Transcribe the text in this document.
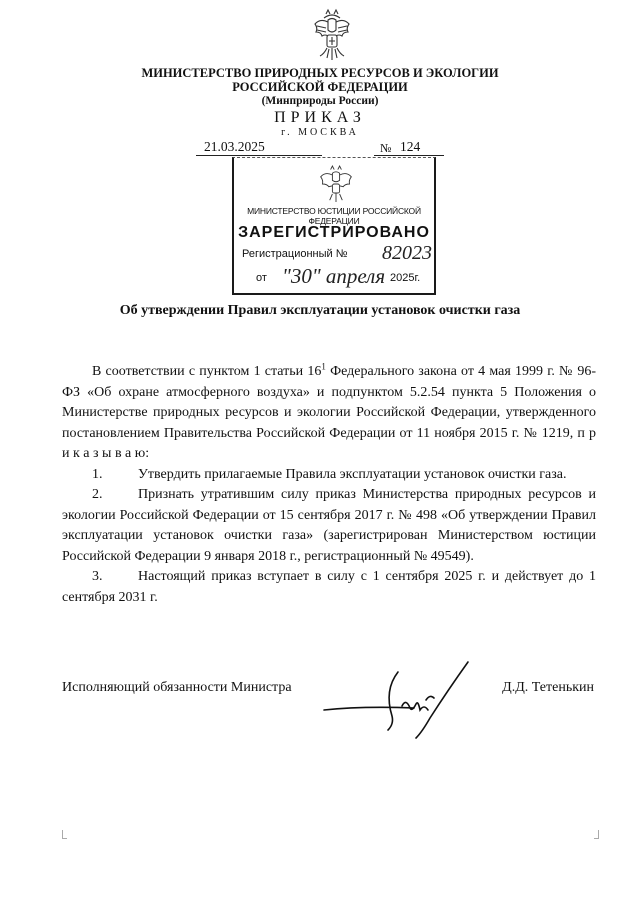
МИНИСТЕРСТВО ПРИРОДНЫХ РЕСУРСОВ И ЭКОЛОГИИ
РОССИЙСКОЙ ФЕДЕРАЦИИ
(Минприроды России)
ПРИКАЗ
г. МОСКВА
21.03.2025	№ 124
МИНИСТЕРСТВО ЮСТИЦИИ РОССИЙСКОЙ ФЕДЕРАЦИИ
ЗАРЕГИСТРИРОВАНО
Регистрационный № 82023
от "30" апреля 2025г.
Об утверждении Правил эксплуатации установок очистки газа

В соответствии с пунктом 1 статьи $16^1$ Федерального закона от 4 мая 1999 г. № 96-ФЗ «Об охране атмосферного воздуха» и подпунктом 5.2.54 пункта 5 Положения о Министерстве природных ресурсов и экологии Российской Федерации, утвержденного постановлением Правительства Российской Федерации от 11 ноября 2015 г. № 1219, п р и к а з ы в а ю:

1.	Утвердить прилагаемые Правила эксплуатации установок очистки газа.

2.	Признать утратившим силу приказ Министерства природных ресурсов и экологии Российской Федерации от 15 сентября 2017 г. № 498 «Об утверждении Правил эксплуатации установок очистки газа» (зарегистрирован Министерством юстиции Российской Федерации 9 января 2018 г., регистрационный № 49549).

3.	Настоящий приказ вступает в силу с 1 сентября 2025 г. и действует до 1 сентября 2031 г.

Исполняющий обязанности Министра	Д.Д. Тетенькин
